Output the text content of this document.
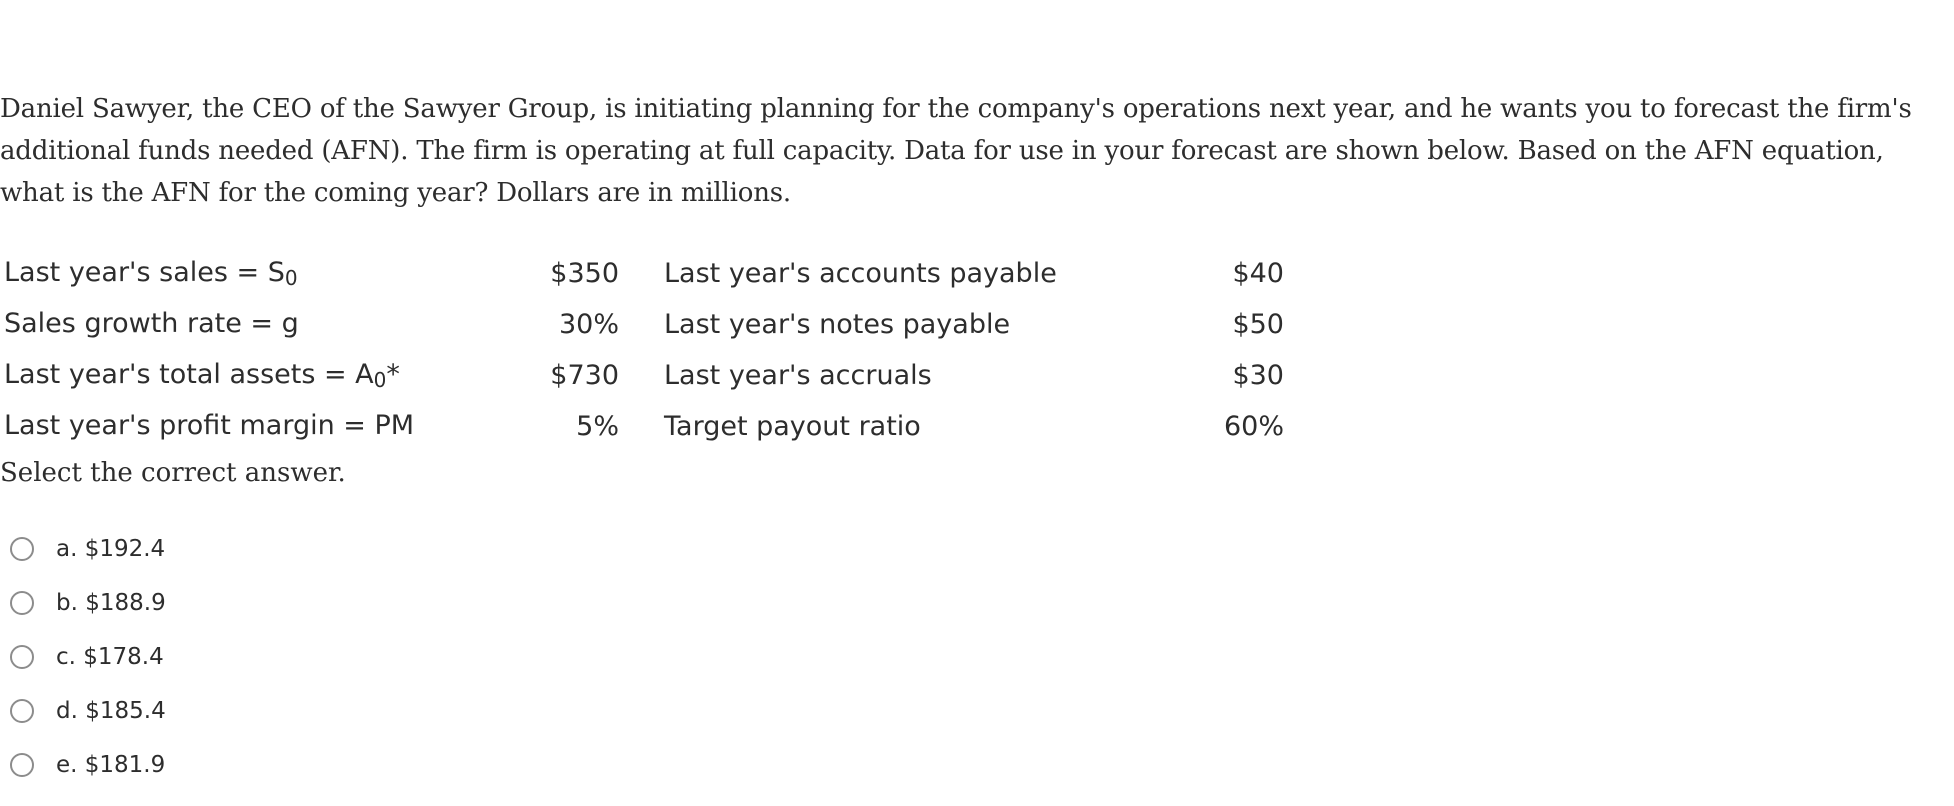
Daniel Sawyer, the CEO of the Sawyer Group, is initiating planning for the company's operations next year, and he wants you to forecast the firm's additional funds needed (AFN). The firm is operating at full capacity. Data for use in your forecast are shown below. Based on the AFN equation, what is the AFN for the coming year? Dollars are in millions.

Last year's sales = S0	$350		Last year's accounts payable	$40
Sales growth rate = g	30%		Last year's notes payable	$50
Last year's total assets = A0*	$730		Last year's accruals	$30
Last year's profit margin = PM	5%		Target payout ratio	60%

Select the correct answer.

a. $192.4
b. $188.9
c. $178.4
d. $185.4
e. $181.9
